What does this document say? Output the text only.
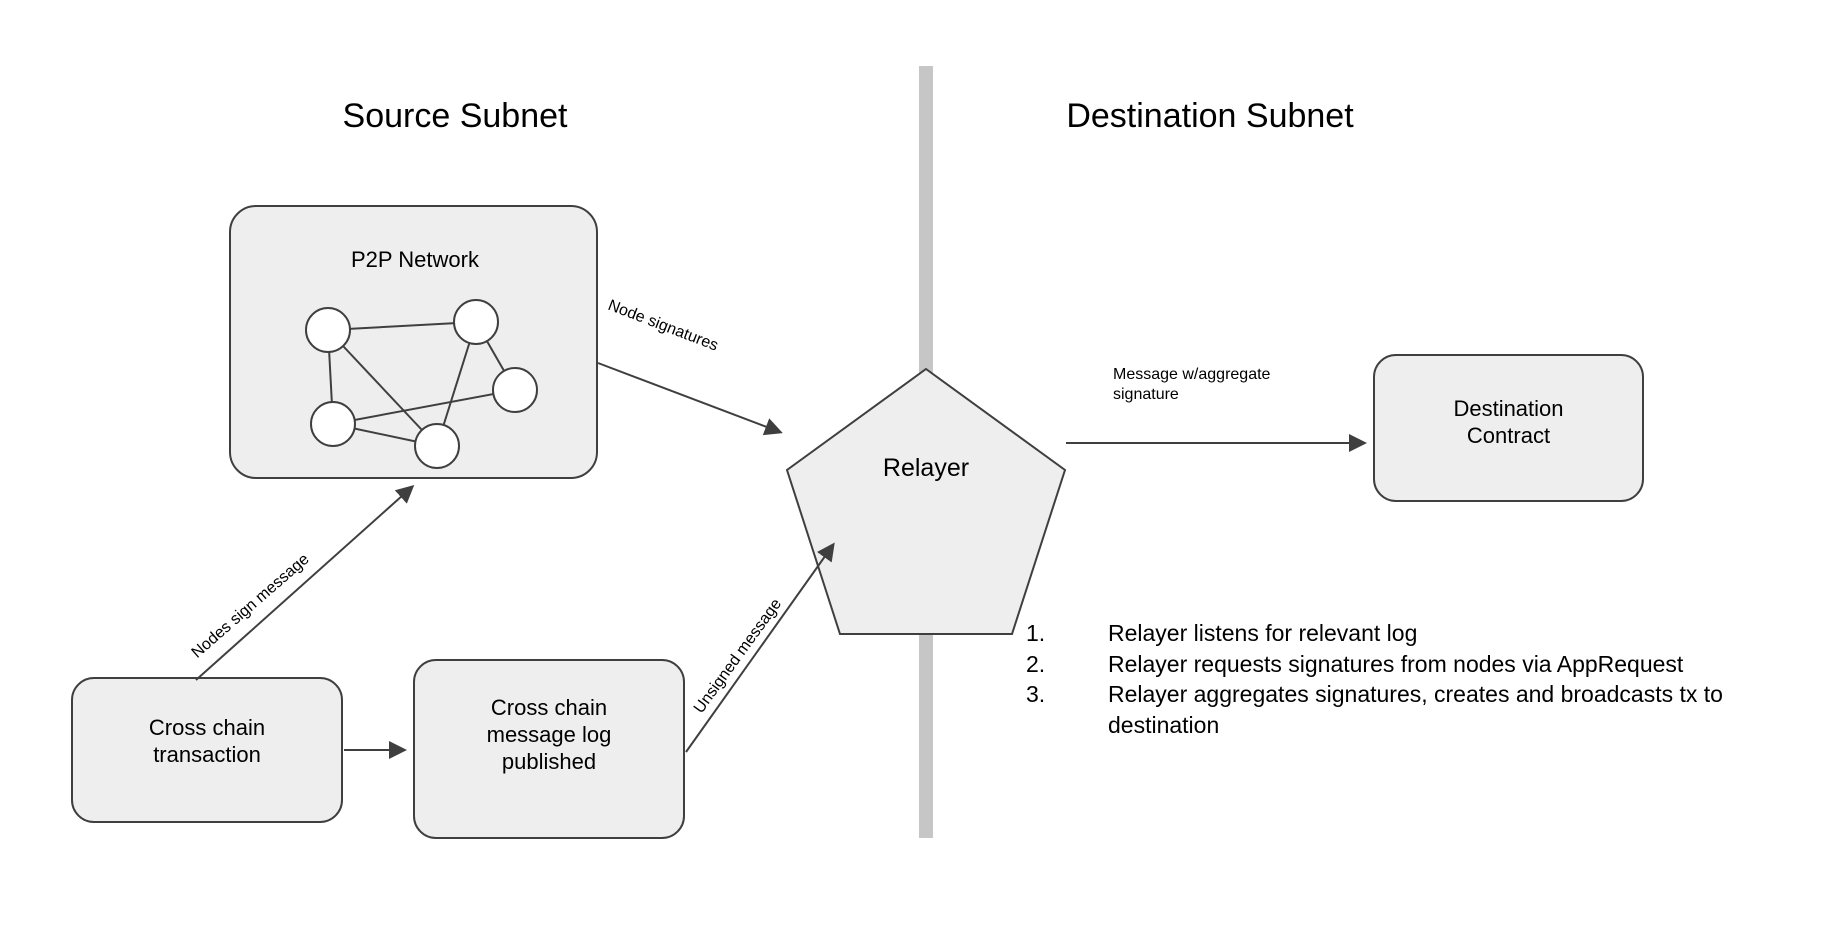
Source Subnet	Destination Subnet
P2P Network
Relayer
Destination
Contract
Cross chain
transaction
Cross chain
message log
published
Node signatures
Nodes sign message	Unsigned message
Message w/aggregate
signature
1.	Relayer listens for relevant log
2.	Relayer requests signatures from nodes via AppRequest
3.	Relayer aggregates signatures, creates and broadcasts tx to destination
